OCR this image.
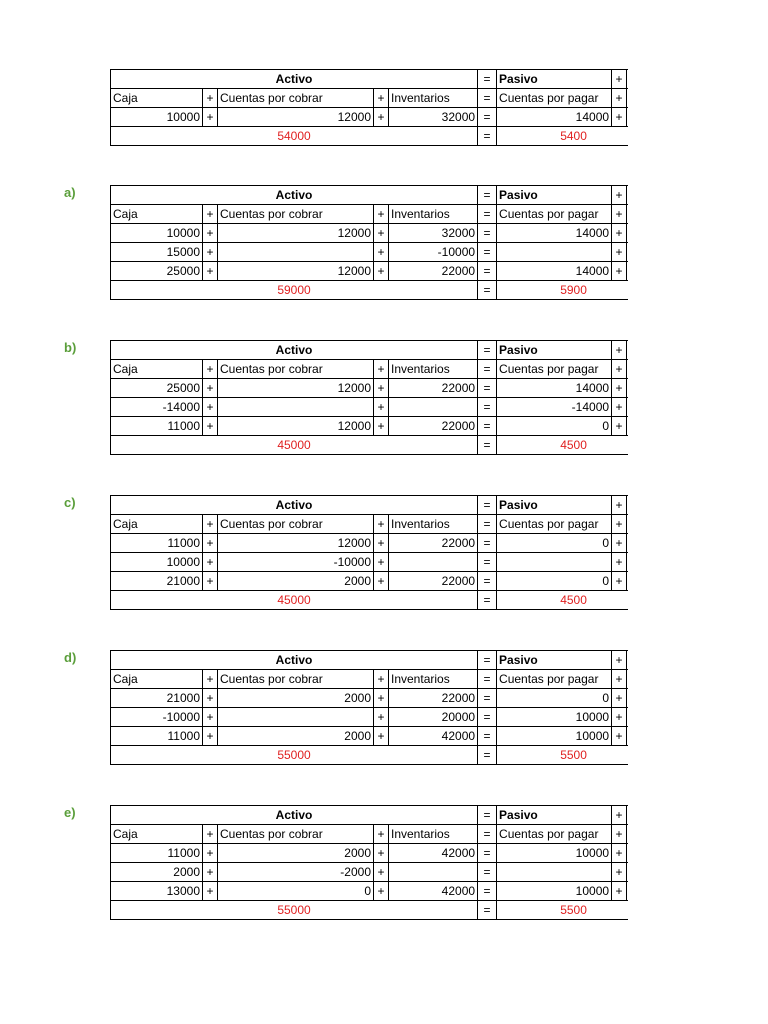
Activo					=	Pasivo	+	
Caja	+	Cuentas por cobrar	+	Inventarios	=	Cuentas por pagar	+	
10000	+	12000	+	32000	=	14000	+	
54000					=	5400		
a)	Activo					=	Pasivo	+	
Caja	+	Cuentas por cobrar	+	Inventarios	=	Cuentas por pagar	+	
10000	+	12000	+	32000	=	14000	+	
15000	+		+	-10000	=		+	
25000	+	12000	+	22000	=	14000	+	
59000					=	5900		
b)	Activo					=	Pasivo	+	
Caja	+	Cuentas por cobrar	+	Inventarios	=	Cuentas por pagar	+	
25000	+	12000	+	22000	=	14000	+	
-14000	+		+		=	-14000	+	
11000	+	12000	+	22000	=	0	+	
45000					=	4500		
c)	Activo					=	Pasivo	+	
Caja	+	Cuentas por cobrar	+	Inventarios	=	Cuentas por pagar	+	
11000	+	12000	+	22000	=	0	+	
10000	+	-10000	+		=		+	
21000	+	2000	+	22000	=	0	+	
45000					=	4500		
d)	Activo					=	Pasivo	+	
Caja	+	Cuentas por cobrar	+	Inventarios	=	Cuentas por pagar	+	
21000	+	2000	+	22000	=	0	+	
-10000	+		+	20000	=	10000	+	
11000	+	2000	+	42000	=	10000	+	
55000					=	5500		
e)	Activo					=	Pasivo	+	
Caja	+	Cuentas por cobrar	+	Inventarios	=	Cuentas por pagar	+	
11000	+	2000	+	42000	=	10000	+	
2000	+	-2000	+		=		+	
13000	+	0	+	42000	=	10000	+	
55000					=	5500		
